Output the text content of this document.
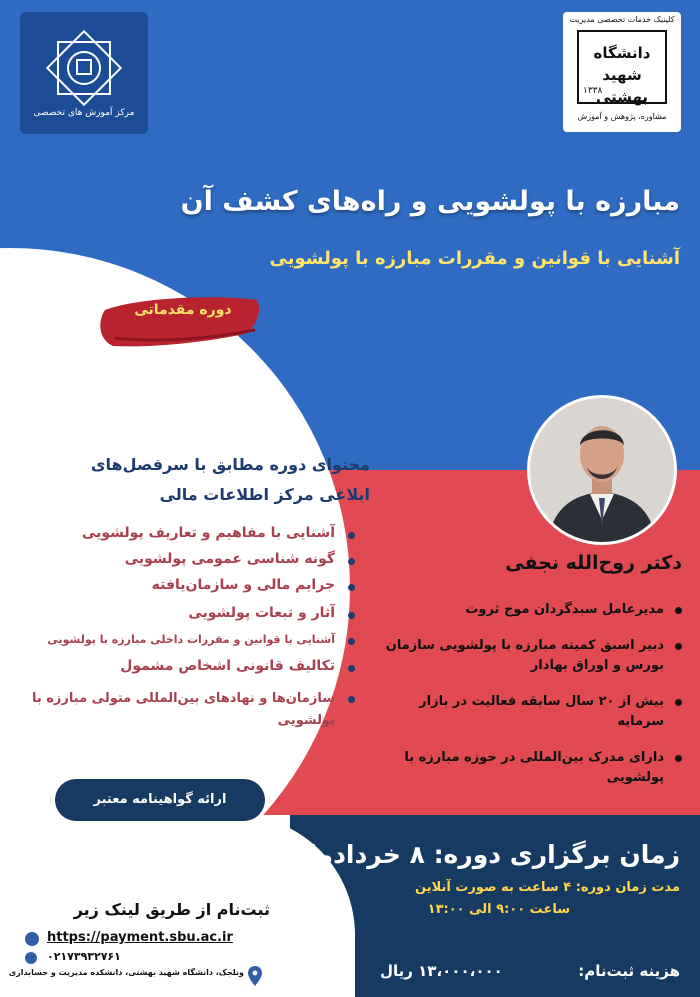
مرکز آموزش های تخصصی
کلینیک خدمات تخصصی مدیریت
دانشگاه شهید بهشتی
۱۳۳۸
مشاوره، پژوهش و آموزش
مبارزه با پولشویی و راه‌های کشف آن
آشنایی با قوانین و مقررات مبارزه با پولشویی
دوره مقدماتی
محتوای دوره مطابق با سرفصل‌های
ابلاغی مرکز اطلاعات مالی
آشنایی با مفاهیم و تعاریف پولشویی
گونه شناسی عمومی پولشویی
جرایم مالی و سازمان‌یافته
آثار و تبعات پولشویی
آشنایی با قوانین و مقررات داخلی مبارزه با پولشویی
تکالیف قانونی اشخاص مشمول
سازمان‌ها و نهادهای بین‌المللی متولی مبارزه با پولشویی
دکتر روح‌الله نجفی
مدیرعامل سبدگردان موج ثروت
دبیر اسبق کمیته مبارزه با پولشویی سازمان بورس و اوراق بهادار
بیش از ۲۰ سال سابقه فعالیت در بازار سرمایه
دارای مدرک بین‌المللی در حوزه مبارزه با پولشویی
ارائه گواهینامه معتبر
زمان برگزاری دوره: ۸ خردادماه
مدت زمان دوره: ۴ ساعت به صورت آنلاین
ساعت ۹:۰۰ الی ۱۳:۰۰
هزینه ثبت‌نام:
۱۳،۰۰۰،۰۰۰ ریال
ثبت‌نام از طریق لینک زیر
https://payment.sbu.ac.ir
۰۲۱۷۳۹۳۲۷۶۱
ونلجک، دانشگاه شهید بهشتی، دانشکده مدیریت و حسابداری
